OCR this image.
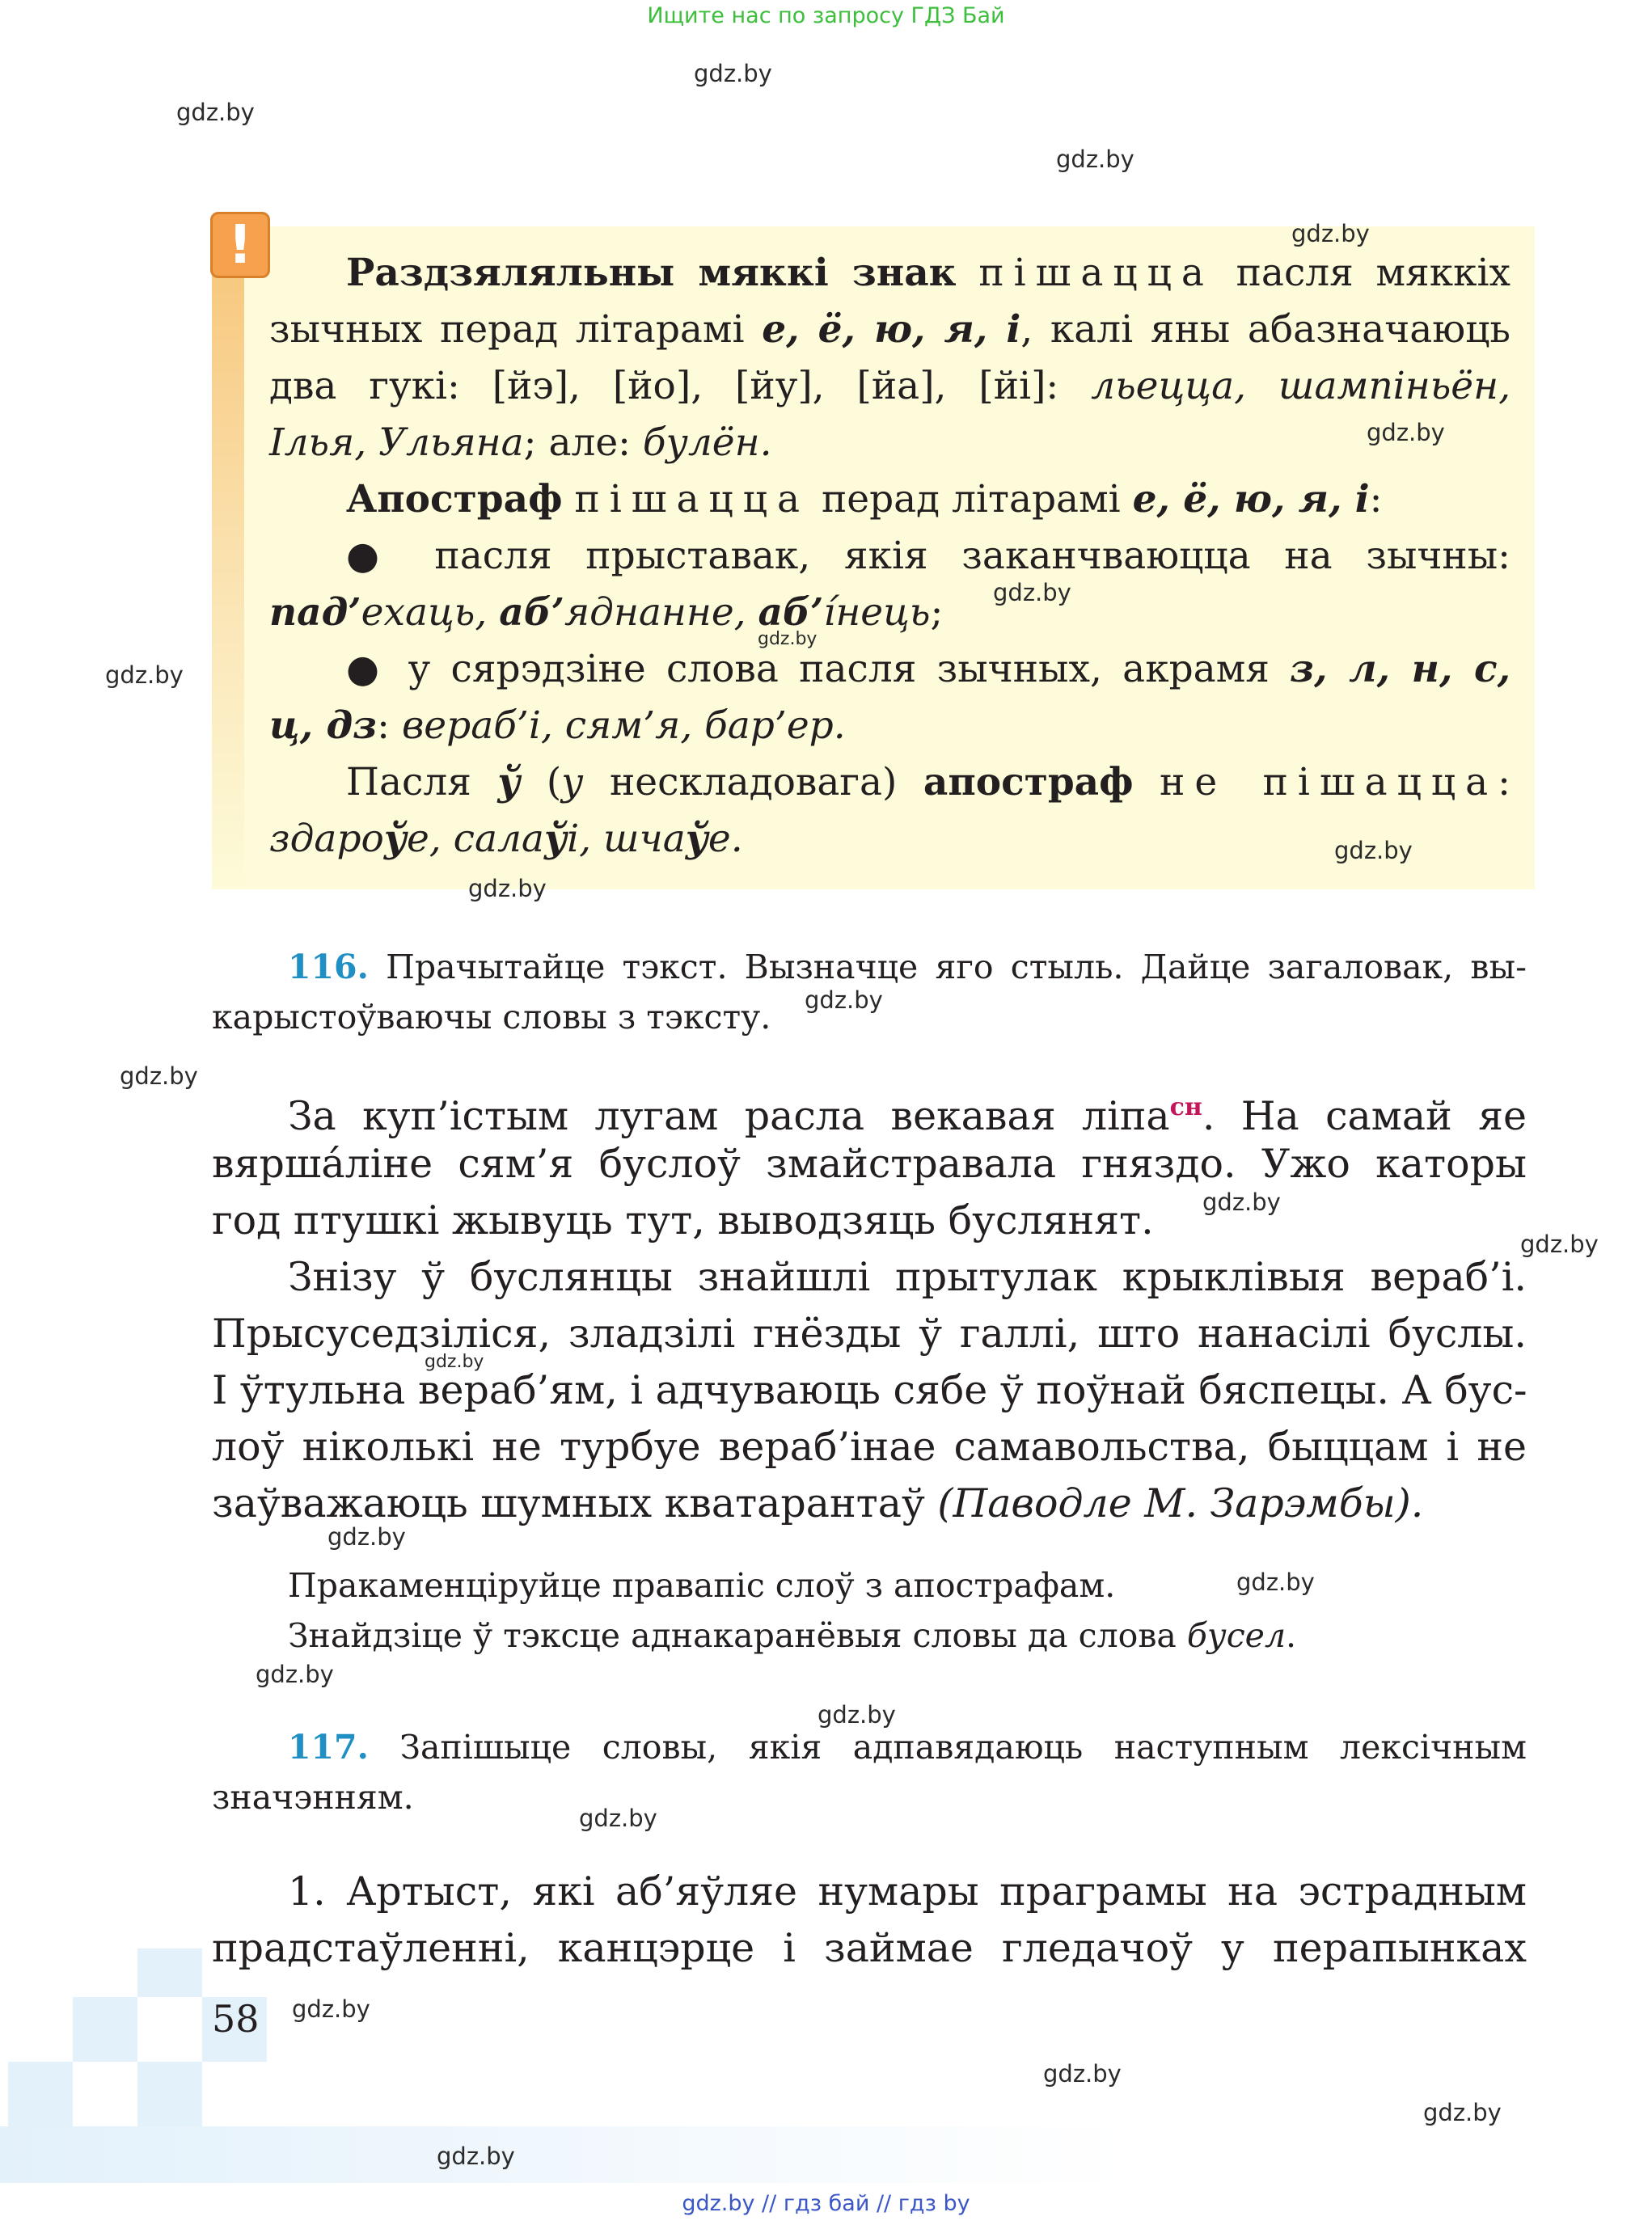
Ищите нас по запросу ГДЗ Бай
!	Раздзяляльны мяккі знак пішацца пасля мяккіх
зычных перад літарамі е, ё, ю, я, і, калі яны абазначаюць
два гукі: [йэ], [йо], [йу], [йа], [йі]: льецца, шампіньён,
Ілья, Ульяна; але: булён.
Апостраф пішацца перад літарамі е, ё, ю, я, і:
● пасля прыставак, якія заканчваюцца на зычны:
пад’ехаць, аб’яднанне, аб’і́нець;
● у сярэдзіне слова пасля зычных, акрамя з, л, н, с,
ц, дз: вераб’і, сям’я, бар’ер.
Пасля ў (у нескладовага) апостраф не пішацца:
здароўе, салаўі, шчаўе.
116. Прачытайце тэкст. Вызначце яго стыль. Дайце загаловак, вы-
карыстоўваючы словы з тэксту.
За куп’істым лугам расла векавая ліпа$^{сн}$. На самай яе
вярша́ліне сям’я буслоў змайстравала гняздо. Ужо каторы
год птушкі жывуць тут, выводзяць буслянят.
Знізу ў буслянцы знайшлі прытулак крыклівыя вераб’і.
Прысуседзіліся, зладзілі гнёзды ў галлі, што нанасілі буслы.
І ўтульна вераб’ям, і адчуваюць сябе ў поўнай бяспецы. А бус-
лоў ніколькі не турбуе вераб’інае самавольства, быццам і не
заўважаюць шумных кватарантаў (Паводле М. Зарэмбы).
Пракаменціруйце правапіс слоў з апострафам.
Знайдзіце ў тэксце аднакаранёвыя словы да слова бусел.
117. Запішыце словы, якія адпавядаюць наступным лексічным
значэнням.
1. Артыст, які аб’яўляе нумары праграмы на эстрадным
прадстаўленні, канцэрце і займае гледачоў у перапынках
58
gdz.by
gdz.by
gdz.by
gdz.by
gdz.by
gdz.by
gdz.by
gdz.by
gdz.by
gdz.by
gdz.by
gdz.by
gdz.by
gdz.by
gdz.by
gdz.by
gdz.by
gdz.by
gdz.by
gdz.by
gdz.by
gdz.by
gdz.by
gdz.by
gdz.by // гдз бай // гдз by
